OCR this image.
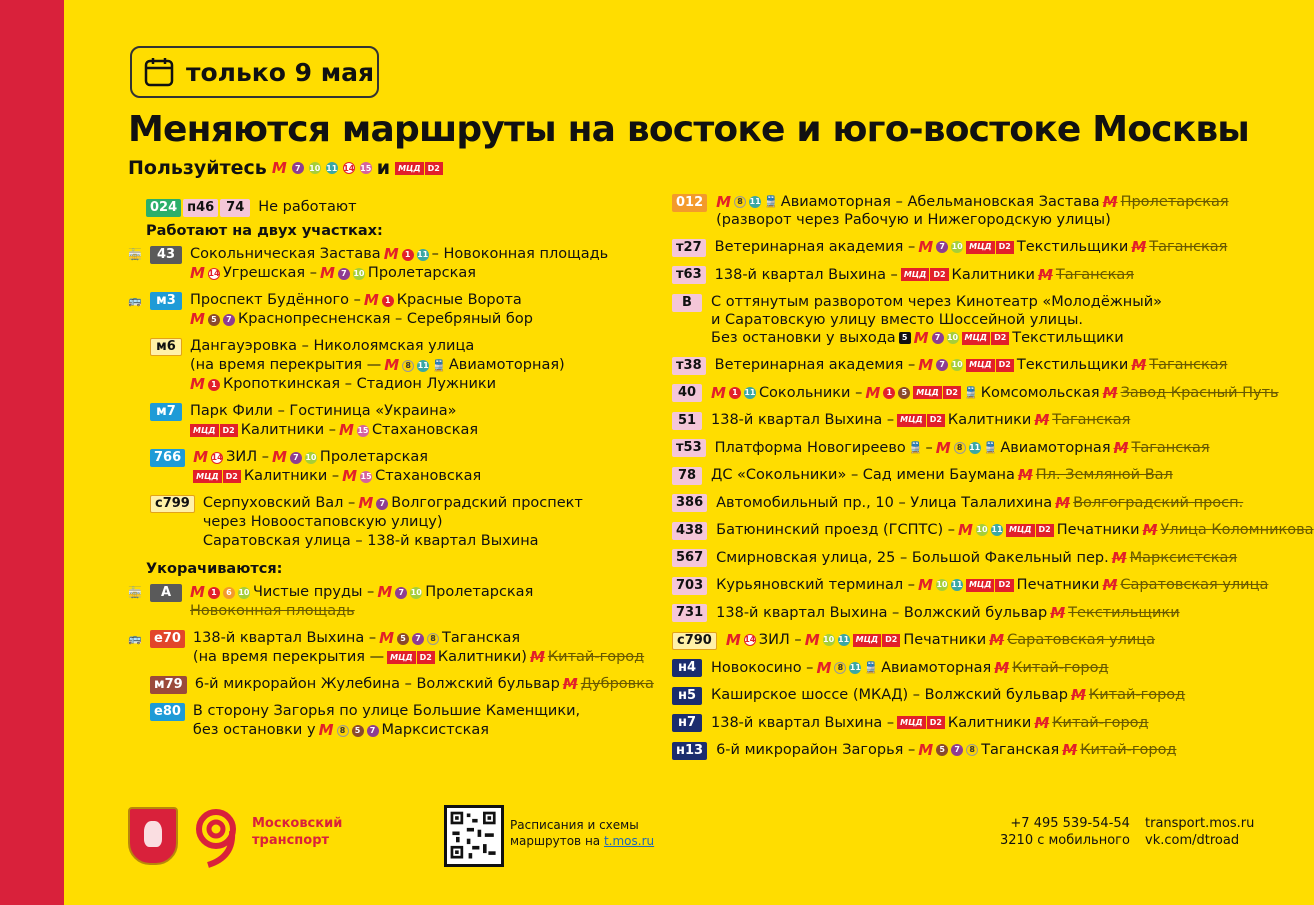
только 9 мая
Меняются маршруты на востоке и юго-востоке Москвы
Пользуйтесь M	7	10 11 14 15 и	МЦД D2
024 п46 74 Не работают
Работают на двух участках:
🚋	43	Сокольническая Застава M 1 11 – Новоконная площадь
M 14 Угрешская – M 7 10 Пролетарская
🚌	м3 Проспект Будённого – M 1 Красные Ворота
M 5	7 Краснопресненская – Серебряный бор
м6 Дангауэровка – Николоямская улица
(на время перекрытия — M 8 11 🚆 Авиамоторная)
M 1 Кропоткинская – Стадион Лужники
м7 Парк Фили – Гостиница «Украина»
МЦД D2 Калитники – M 15 Стахановская
766 M 14 ЗИЛ – M 7 10 Пролетарская
МЦД D2 Калитники – M 15 Стахановская
с799 Серпуховский Вал – M 7 Волгоградский проспект
через Новоостаповскую улицу)
Саратовская улица – 138-й квартал Выхина
Укорачиваются:
🚋	А	M 1	6 10 Чистые пруды – M 7 10 Пролетарская
Новоконная площадь
🚌 е70 138-й квартал Выхина – M 5	7	8 Таганская
(на время перекрытия — МЦД D2 Калитники) M Китай-город
м79 6-й микрорайон Жулебина – Волжский бульвар M Дубровка
е80 В сторону Загорья по улице Большие Каменщики,
без остановки у M 8	5	7 Марксистская
012 M 8 11 🚆 Авиамоторная – Абельмановская Застава M Пролетарская
(разворот через Рабочую и Нижегородскую улицы)
т27 Ветеринарная академия – M 7 10 МЦД D2 Текстильщики M Таганская
т63 138-й квартал Выхина – МЦД D2 Калитники M Таганская
В	С оттянутым разворотом через Кинотеатр «Молодёжный»
и Саратовскую улицу вместо Шоссейной улицы.
Без остановки у выхода 5 M 7 10 МЦД D2 Текстильщики
т38 Ветеринарная академия – M 7 10 МЦД D2 Текстильщики M Таганская
40 M 1 11 Сокольники – M 1	5	МЦД D2 🚆 Комсомольская M Завод Красный Путь
51	138-й квартал Выхина – МЦД D2 Калитники M Таганская
т53 Платформа Новогиреево 🚆 – M 8 11 🚆 Авиамоторная M Таганская
78	ДС «Сокольники» – Сад имени Баумана M Пл. Земляной Вал
386 Автомобильный пр., 10 – Улица Талалихина M Волгоградский просп.
438 Батюнинский проезд (ГСПТС) – M 10 11 МЦД D2 Печатники M Улица Коломникова
567 Смирновская улица, 25 – Большой Факельный пер. M Марксистская
703 Курьяновский терминал – M 10 11 МЦД D2 Печатники M Саратовская улица
731 138-й квартал Выхина – Волжский бульвар M Текстильщики
с790 M 14 ЗИЛ – M 10 11 МЦД D2 Печатники M Саратовская улица
н4	Новокосино – M 8 11 🚆 Авиамоторная M Китай-город
н5	Каширское шоссе (МКАД) – Волжский бульвар M Китай-город
н7	138-й квартал Выхина – МЦД D2 Калитники M Китай-город
н13 6-й микрорайон Загорья – M 5	7	8 Таганская M Китай-город
Московский
транспорт
Расписания и схемы
маршрутов на t.mos.ru
+7 495 539-54-54
3210 с мобильного
transport.mos.ru
vk.com/dtroad
